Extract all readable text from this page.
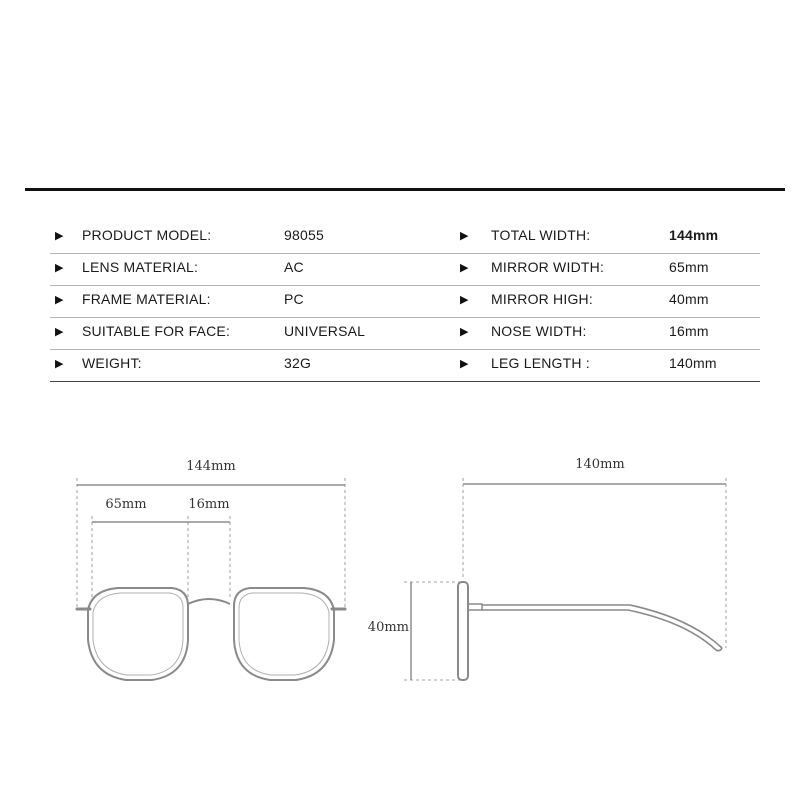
▶ PRODUCT MODEL:	98055	▶ TOTAL WIDTH:	144mm
▶ LENS MATERIAL:	AC	▶ MIRROR WIDTH:	65mm
▶ FRAME MATERIAL:	PC	▶ MIRROR HIGH:	40mm
▶ SUITABLE FOR FACE:	UNIVERSAL	▶ NOSE WIDTH:	16mm
▶ WEIGHT:	32G	▶ LEG LENGTH :	140mm
144mm
65mm	16mm
140mm
40mm
